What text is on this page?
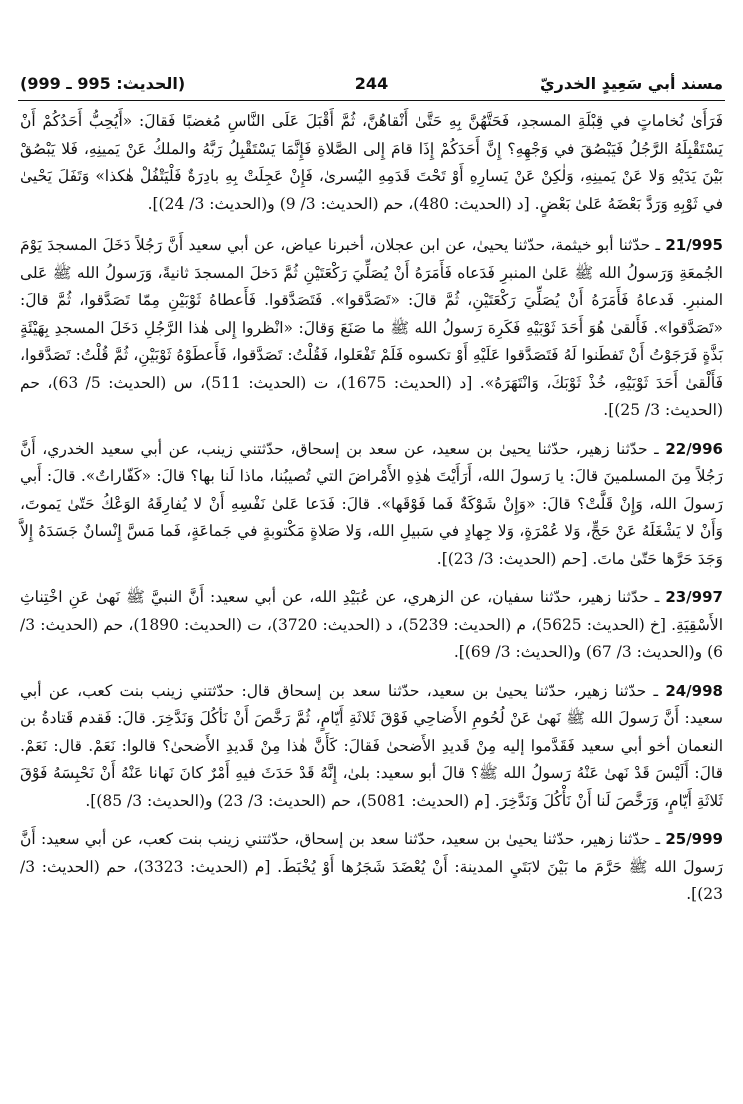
مسند أبي سَعِيدٍ الخدريّ
244
(الحديث: 995 ـ 999)

فَرَأَىٰ نُخاماتٍ في قِبْلَةِ المسجدِ، فَحَتَّهُنَّ بِهِ حَتَّىٰ أَنْقاهُنَّ، ثُمَّ أَقْبَلَ عَلَى النَّاسِ مُغضبًا فَقالَ: «أَيُحِبُّ أَحَدُكُمْ أَنْ يَسْتَقْبِلَهُ الرَّجُلُ فَيَبْصُقَ في وَجْهِهِ؟ إِنَّ أَحَدَكُمْ إِذَا قامَ إِلى الصَّلاةِ فَإِنَّمَا يَسْتَقْبِلُ رَبَّهُ والملكُ عَنْ يَمينِهِ، فَلا يَبْصُقْ بَيْنَ يَدَيْهِ وَلا عَنْ يَمينِهِ، وَلٰكِنْ عَنْ يَسارِهِ أَوْ تَحْتَ قَدَمِهِ اليُسرىٰ، فَإِنْ عَجِلَتْ بِهِ بادِرَةٌ فَلْيَتْفُلْ هٰكذا» وَتَفَلَ يَحْيىٰ في ثَوْبِهِ وَرَدَّ بَعْضَهُ عَلىٰ بَعْضٍ. [د (الحديث: 480)، حم (الحديث: 3/ 9) و(الحديث: 3/ 24)].

21/995 ـ حدّثنا أبو خيثمة، حدّثنا يحيىٰ، عن ابن عجلان، أخبرنا عياض، عن أبي سعيد أَنَّ رَجُلاً دَخَلَ المسجدَ يَوْمَ الجُمعَةِ وَرَسولُ الله ﷺ عَلىٰ المنبرِ فَدَعاه فَأَمَرَهُ أَنْ يُصَلِّيَ رَكْعَتَيْنِ ثُمَّ دَخلَ المسجدَ ثانيةً، وَرَسولُ الله ﷺ عَلى المنبرِ. فَدعاهُ فَأَمَرَهُ أَنْ يُصَلِّيَ رَكْعَتَيْنِ، ثُمَّ قالَ: «تَصَدَّقوا». فَتَصَدَّقوا. فَأَعطاهُ ثَوْبَيْنِ مِمّا تَصَدَّقوا، ثُمَّ قالَ: «تَصَدَّقوا». فَأَلقىٰ هُوَ أَحَدَ ثَوْبَيْهِ فَكَرِهَ رَسولُ الله ﷺ ما صَنَعَ وَقالَ: «انْظروا إِلى هٰذا الرَّجُلِ دَخَلَ المسجدِ بِهَيْئَةٍ بَذَّةٍ فَرَجَوْتُ أَنْ تَفطَنوا لَهُ فَتَصَدَّقوا عَلَيْهِ أَوْ تكسوه فَلَمْ تَفْعَلوا، فَقُلْتُ: تَصَدَّقوا، فَأَعطَوْهُ ثَوْبَيْنِ، ثُمَّ قُلْتُ: تَصَدَّقوا، فَأَلْقىٰ أَحَدَ ثَوْبَيْهِ، خُذْ ثَوْبَكَ، وَانْتَهَرَهُ». [د (الحديث: 1675)، ت (الحديث: 511)، س (الحديث: 5/ 63)، حم (الحديث: 3/ 25)].

22/996 ـ حدّثنا زهير، حدّثنا يحيىٰ بن سعيد، عن سعد بن إسحاق، حدّثتني زينب، عن أبي سعيد الخدري، أَنَّ رَجُلاً مِنَ المسلمينَ قالَ: يا رَسولَ الله، أَرَأَيْتَ هٰذِهِ الأَمْراضَ التي تُصيبُنا، ماذا لَنا بها؟ قالَ: «كَفّاراتٌ». قالَ: أَبي رَسولَ الله، وَإِنْ قَلَّتْ؟ قالَ: «وَإِنْ شَوْكَةٌ فَما فَوْقَها». قالَ: فَدَعا عَلىٰ نَفْسِهِ أَنْ لا يُفارِقَهُ الوَعْكُ حَتّىٰ يَموتَ، وَأَنْ لا يَشْغَلَهُ عَنْ حَجٍّ، وَلا عُمْرَةٍ، وَلا جِهادٍ في سَبيلِ الله، وَلا صَلاةٍ مَكْتوبةٍ في جَماعَةٍ، فَما مَسَّ إِنْسانٌ جَسَدَهُ إِلاَّ وَجَدَ حَرَّها حَتّىٰ ماتَ. [حم (الحديث: 3/ 23)].

23/997 ـ حدّثنا زهير، حدّثنا سفيان، عن الزهري، عن عُبَيْدِ الله، عن أبي سعيد: أَنَّ النبيَّ ﷺ نَهىٰ عَنِ اخْتِناثِ الأَسْقِيَةِ. [خ (الحديث: 5625)، م (الحديث: 5239)، د (الحديث: 3720)، ت (الحديث: 1890)، حم (الحديث: 3/ 6) و(الحديث: 3/ 67) و(الحديث: 3/ 69)].

24/998 ـ حدّثنا زهير، حدّثنا يحيىٰ بن سعيد، حدّثنا سعد بن إسحاق قال: حدّثتني زينب بنت كعب، عن أبي سعيد: أَنَّ رَسولَ الله ﷺ نَهىٰ عَنْ لُحُومِ الأَضاحِي فَوْقَ ثَلاثَةِ أَيّامٍ، ثُمَّ رَخَّصَ أَنْ نَأكُلَ وَنَدَّخِرَ. قالَ: فَقدم قَتادةُ بن النعمان أخو أبي سعيد فَقَدَّموا إليه مِنْ قَديدِ الأَضحىٰ فَقالَ: كَأَنَّ هٰذا مِنْ قَديدِ الأَضحىٰ؟ قالوا: نَعَمْ. قال: نَعَمْ. قالَ: أَلَيْسَ قَدْ نَهىٰ عَنْهُ رَسولُ الله ﷺ؟ قالَ أبو سعيد: بلىٰ، إِنَّهُ قَدْ حَدَثَ فيهِ أَمْرٌ كانَ نَهانا عَنْهُ أَنْ نَحْبِسَهُ فَوْقَ ثَلاثَةِ أَيّامٍ، وَرَخَّصَ لَنا أَنْ نَأْكُلَ وَنَدَّخِرَ. [م (الحديث: 5081)، حم (الحديث: 3/ 23) و(الحديث: 3/ 85)].

25/999 ـ حدّثنا زهير، حدّثنا يحيىٰ بن سعيد، حدّثنا سعد بن إسحاق، حدّثتني زينب بنت كعب، عن أبي سعيد: أَنَّ رَسولَ الله ﷺ حَرَّمَ ما بَيْنَ لابَتَيِ المدينة: أَنْ يُعْضَدَ شَجَرُها أَوْ يُخْبَطَ. [م (الحديث: 3323)، حم (الحديث: 3/ 23)].
